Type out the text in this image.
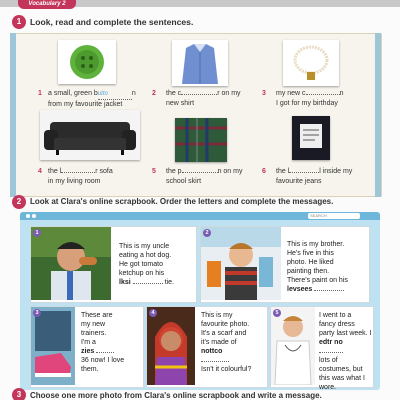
Vocabulary 2
1	Look, read and complete the sentences.
1 a small, green butto	n
from my favourite jacket
2 the c	r on my
new shirt
3 my new c	n
I got for my birthday
4 the l	r sofa
in my living room
5 the p	n on my
school skirt
6 the l	l inside my
favourite jeans
2	Look at Clara's online scrapbook. Order the letters and complete the messages.
SEARCH
1
This is my uncle
eating a hot dog.
He got tomato
ketchup on his
lksi	tie.
2
This is my brother.
He's five in this
photo. He liked
painting then.
There's paint on his
levsees
3	These are
my new
trainers.
I'm a
zies
36 now! I love them.
4	This is my
favourite photo.
It's a scarf and
it's made of
nottco

Isn't it colourful?
5	I went to a
fancy dress
party last week. I
edtr no

lots of costumes, but this was what I wore.
3	Choose one more photo from Clara's online scrapbook and write a message.
